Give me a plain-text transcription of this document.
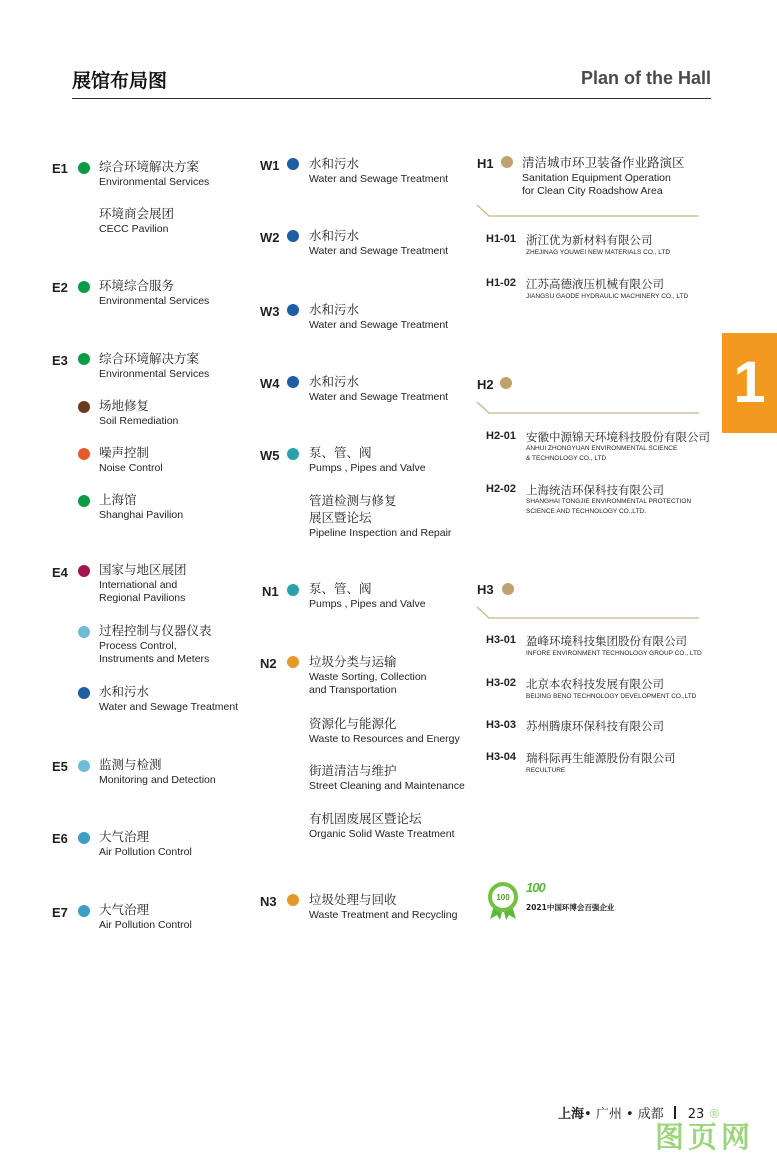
展馆布局图	Plan of the Hall
1
E1 综合环境解决方案
Environmental Services
环境商会展团
CECC Pavilion
E2 环境综合服务
Environmental Services
E3 综合环境解决方案
Environmental Services
场地修复
Soil Remediation
噪声控制
Noise Control
上海馆
Shanghai Pavilion
E4 国家与地区展团
International and
Regional Pavilions
过程控制与仪器仪表
Process Control,
Instruments and Meters
水和污水
Water and Sewage Treatment
E5 监测与检测
Monitoring and Detection
E6 大气治理
Air Pollution Control
E7 大气治理
Air Pollution Control
W1 水和污水
Water and Sewage Treatment
W2 水和污水
Water and Sewage Treatment
W3 水和污水
Water and Sewage Treatment
W4 水和污水
Water and Sewage Treatment
W5 泵、管、阀
Pumps , Pipes and Valve
管道检测与修复
展区暨论坛
Pipeline Inspection and Repair
N1 泵、管、阀
Pumps , Pipes and Valve
N2	垃圾分类与运输
Waste Sorting, Collection
and Transportation
资源化与能源化
Waste to Resources and Energy
街道清洁与维护
Street Cleaning and Maintenance
有机固废展区暨论坛
Organic Solid Waste Treatment
N3	垃圾处理与回收
Waste Treatment and Recycling
H1 清洁城市环卫装备作业路演区
Sanitation Equipment Operation
for Clean City Roadshow Area
H1-01 浙江优为新材料有限公司
ZHEJINAG YOUWEI NEW MATERIALS CO., LTD
H1-02 江苏高德液压机械有限公司
JIANGSU GAODE HYDRAULIC MACHINERY CO., LTD
H2
H2-01 安徽中源锦天环境科技股份有限公司
ANHUI ZHONGYUAN ENVIRONMENTAL SCIENCE
& TECHNOLOGY CO., LTD
H2-02 上海统洁环保科技有限公司
SHANGHAI TONGJIE ENVIRONMENTAL PROTECTION
SCIENCE AND TECHNOLOGY CO.,LTD.
H3
H3-01 盈峰环境科技集团股份有限公司
INFORE ENVIRONMENT TECHNOLOGY GROUP CO., LTD
H3-02 北京本农科技发展有限公司
BEIJING BENO TECHNOLOGY DEVELOPMENT CO.,LTD
H3-03 苏州腾康环保科技有限公司
H3-04 瑞科际再生能源股份有限公司
RECULTURE
100
100
2021中国环博会百强企业
上海• 广州 • 成都 23 ®
图页网
